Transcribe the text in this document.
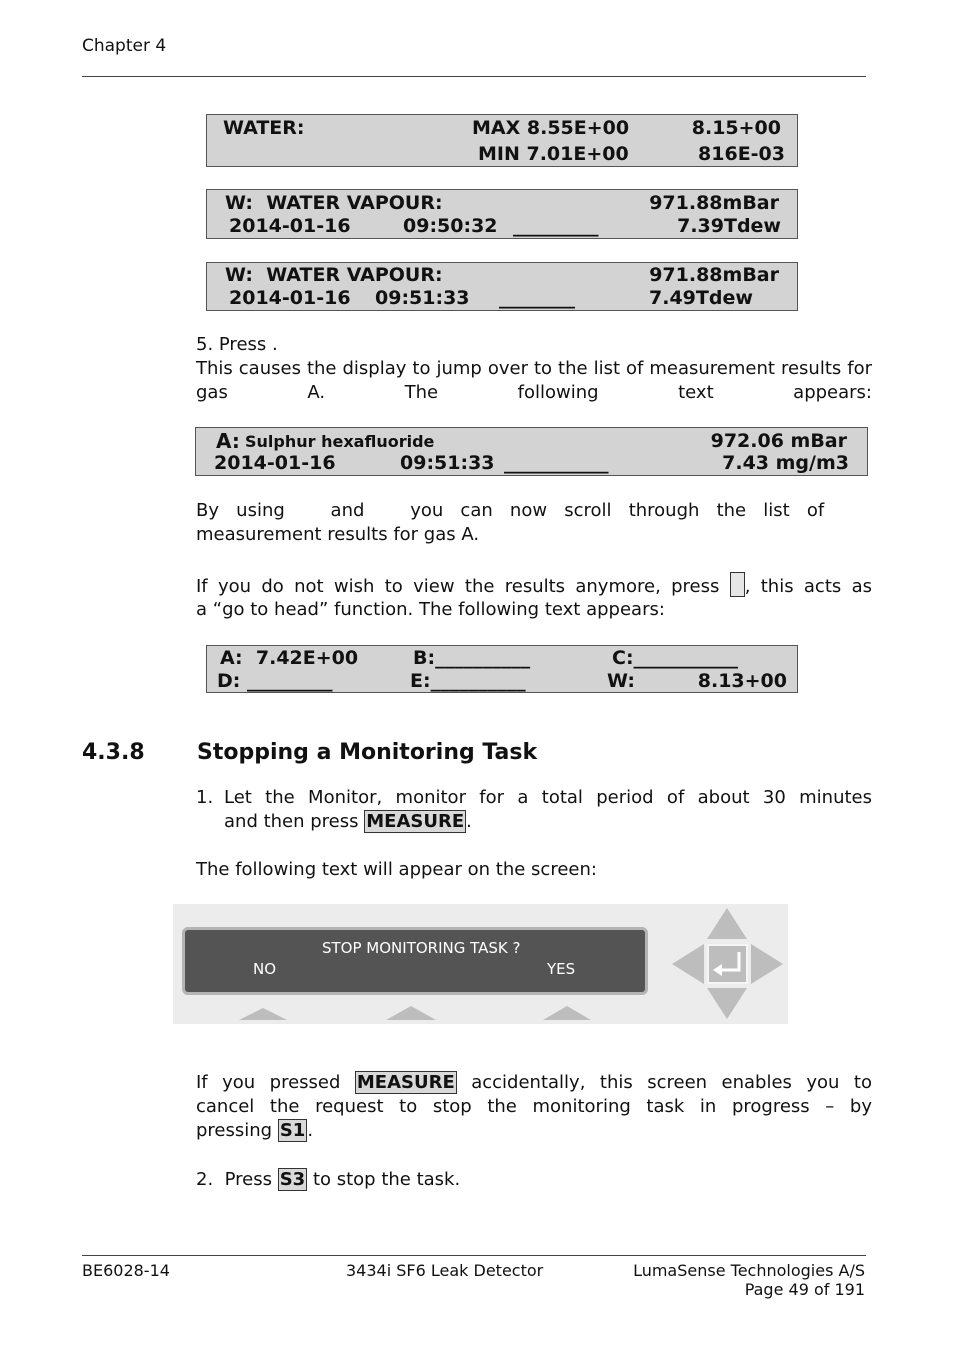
Chapter 4
WATER:	MAX 8.55E+00	8.15+00
MIN 7.01E+00	816E-03
W:  WATER VAPOUR:	971.88mBar
2014-01-16	09:50:32 _________	7.39Tdew
W:  WATER VAPOUR:	971.88mBar
2014-01-16 09:51:33 ________	7.49Tdew
5. Press .
This causes the display to jump over to the list of measurement results for gas A. The following text appears:
A: Sulphur hexafluoride	972.06 mBar
2014-01-16	09:51:33 ___________	7.43 mg/m3
By   using        and        you   can   now   scroll   through   the   list   of
measurement results for gas A.
If you do not wish to view the results anymore, press , this acts as
a “go to head” function. The following text appears:
A:  7.42E+00	B:__________	C:___________
D: _________	E:__________	W:	8.13+00
4.3.8 Stopping a Monitoring Task
1. Let the Monitor, monitor for a total period of about 30 minutes
and then press MEASURE .
The following text will appear on the screen:
STOP MONITORING TASK ?
NO	YES
If you pressed MEASURE accidentally, this screen enables you to
cancel the request to stop the monitoring task in progress – by
pressing S1 .
2.  Press S3 to stop the task.
BE6028-14	3434i SF6 Leak Detector	LumaSense Technologies A/S
Page 49 of 191
